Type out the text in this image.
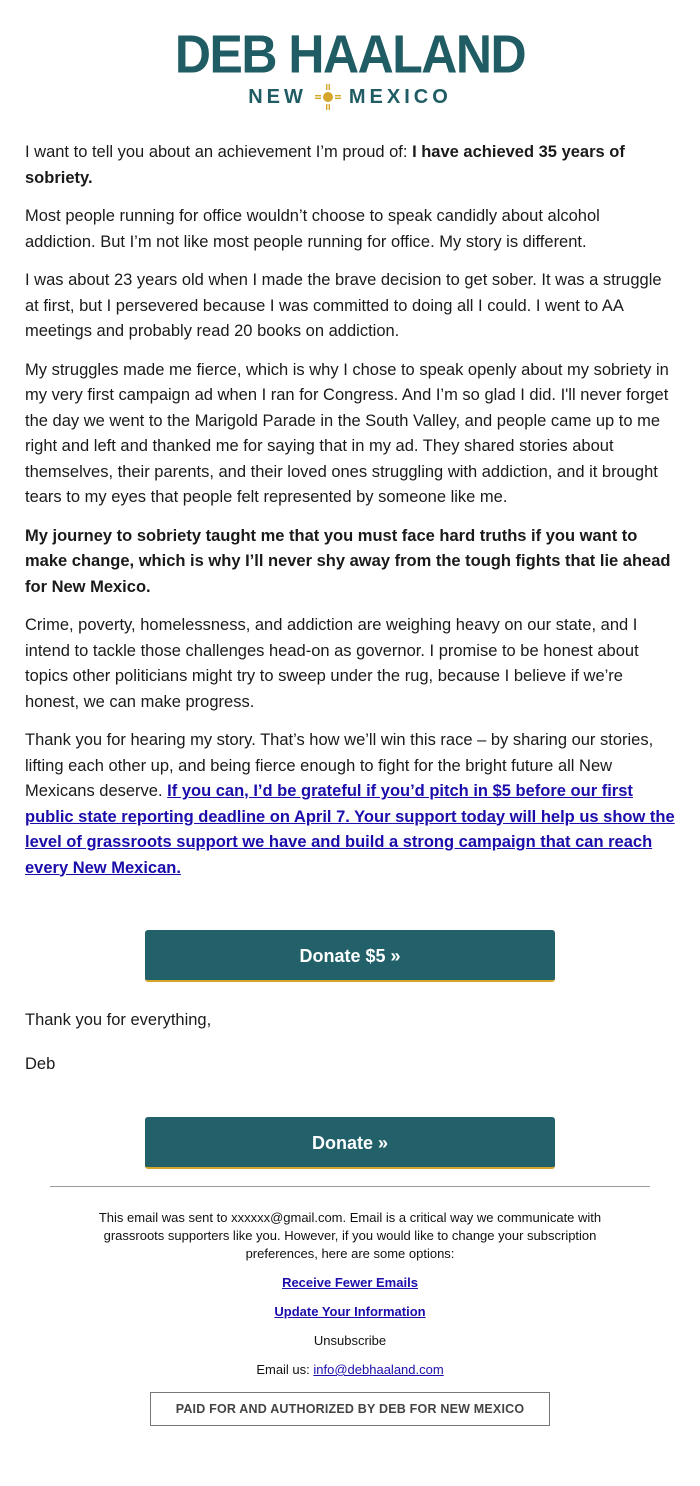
DEB HAALAND
NEW MEXICO

I want to tell you about an achievement I’m proud of: I have achieved 35 years of sobriety.

Most people running for office wouldn’t choose to speak candidly about alcohol addiction. But I’m not like most people running for office. My story is different.

I was about 23 years old when I made the brave decision to get sober. It was a struggle at first, but I persevered because I was committed to doing all I could. I went to AA meetings and probably read 20 books on addiction.

My struggles made me fierce, which is why I chose to speak openly about my sobriety in my very first campaign ad when I ran for Congress. And I’m so glad I did. I'll never forget the day we went to the Marigold Parade in the South Valley, and people came up to me right and left and thanked me for saying that in my ad. They shared stories about themselves, their parents, and their loved ones struggling with addiction, and it brought tears to my eyes that people felt represented by someone like me.

My journey to sobriety taught me that you must face hard truths if you want to make change, which is why I’ll never shy away from the tough fights that lie ahead for New Mexico.

Crime, poverty, homelessness, and addiction are weighing heavy on our state, and I intend to tackle those challenges head-on as governor. I promise to be honest about topics other politicians might try to sweep under the rug, because I believe if we’re honest, we can make progress.

Thank you for hearing my story. That’s how we’ll win this race – by sharing our stories, lifting each other up, and being fierce enough to fight for the bright future all New Mexicans deserve. If you can, I’d be grateful if you’d pitch in $5 before our first public state reporting deadline on April 7. Your support today will help us show the level of grassroots support we have and build a strong campaign that can reach every New Mexican.

Donate $5 »

Thank you for everything,

Deb

Donate »

This email was sent to xxxxxx@gmail.com. Email is a critical way we communicate with grassroots supporters like you. However, if you would like to change your subscription preferences, here are some options:

Receive Fewer Emails

Update Your Information

Unsubscribe

Email us: info@debhaaland.com

PAID FOR AND AUTHORIZED BY DEB FOR NEW MEXICO
